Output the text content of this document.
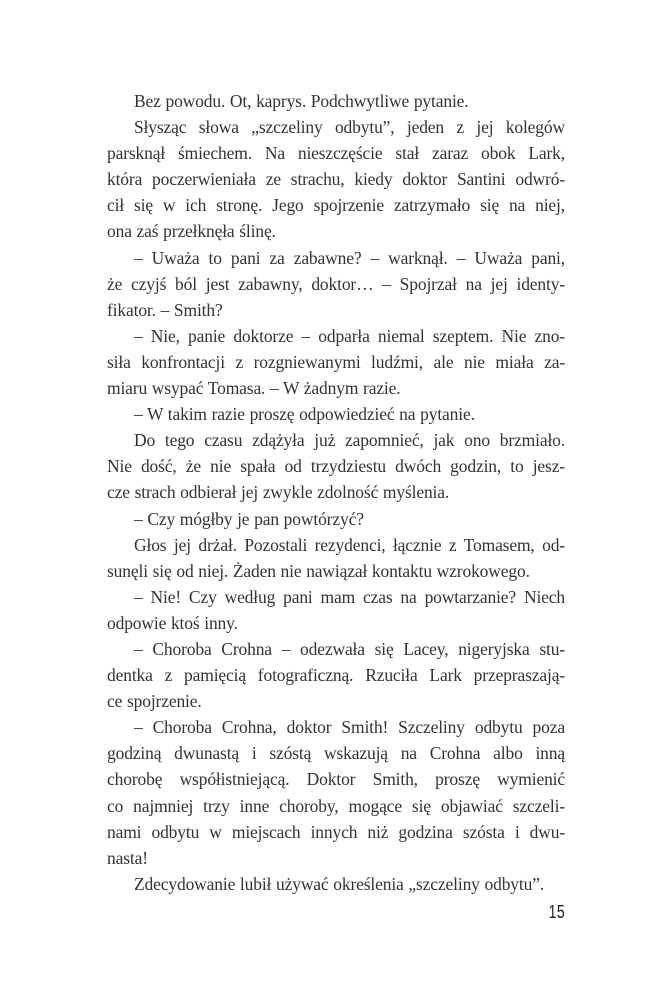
Bez powodu. Ot, kaprys. Podchwytliwe pytanie.

Słysząc słowa „szczeliny odbytu”, jeden z jej kolegów
parsknął śmiechem. Na nieszczęście stał zaraz obok Lark,
która poczerwieniała ze strachu, kiedy doktor Santini odwró-
cił się w ich stronę. Jego spojrzenie zatrzymało się na niej,
ona zaś przełknęła ślinę.

– Uważa to pani za zabawne? – warknął. – Uważa pani,
że czyjś ból jest zabawny, doktor… – Spojrzał na jej identy-
fikator. – Smith?

– Nie, panie doktorze – odparła niemal szeptem. Nie zno-
siła konfrontacji z rozgniewanymi ludźmi, ale nie miała za-
miaru wsypać Tomasa. – W żadnym razie.

– W takim razie proszę odpowiedzieć na pytanie.

Do tego czasu zdążyła już zapomnieć, jak ono brzmiało.
Nie dość, że nie spała od trzydziestu dwóch godzin, to jesz-
cze strach odbierał jej zwykle zdolność myślenia.

– Czy mógłby je pan powtórzyć?

Głos jej drżał. Pozostali rezydenci, łącznie z Tomasem, od-
sunęli się od niej. Żaden nie nawiązał kontaktu wzrokowego.

– Nie! Czy według pani mam czas na powtarzanie? Niech
odpowie ktoś inny.

– Choroba Crohna – odezwała się Lacey, nigeryjska stu-
dentka z pamięcią fotograficzną. Rzuciła Lark przepraszają-
ce spojrzenie.

– Choroba Crohna, doktor Smith! Szczeliny odbytu poza
godziną dwunastą i szóstą wskazują na Crohna albo inną
chorobę współistniejącą. Doktor Smith, proszę wymienić
co najmniej trzy inne choroby, mogące się objawiać szczeli-
nami odbytu w miejscach innych niż godzina szósta i dwu-
nasta!

Zdecydowanie lubił używać określenia „szczeliny odbytu”.

15
